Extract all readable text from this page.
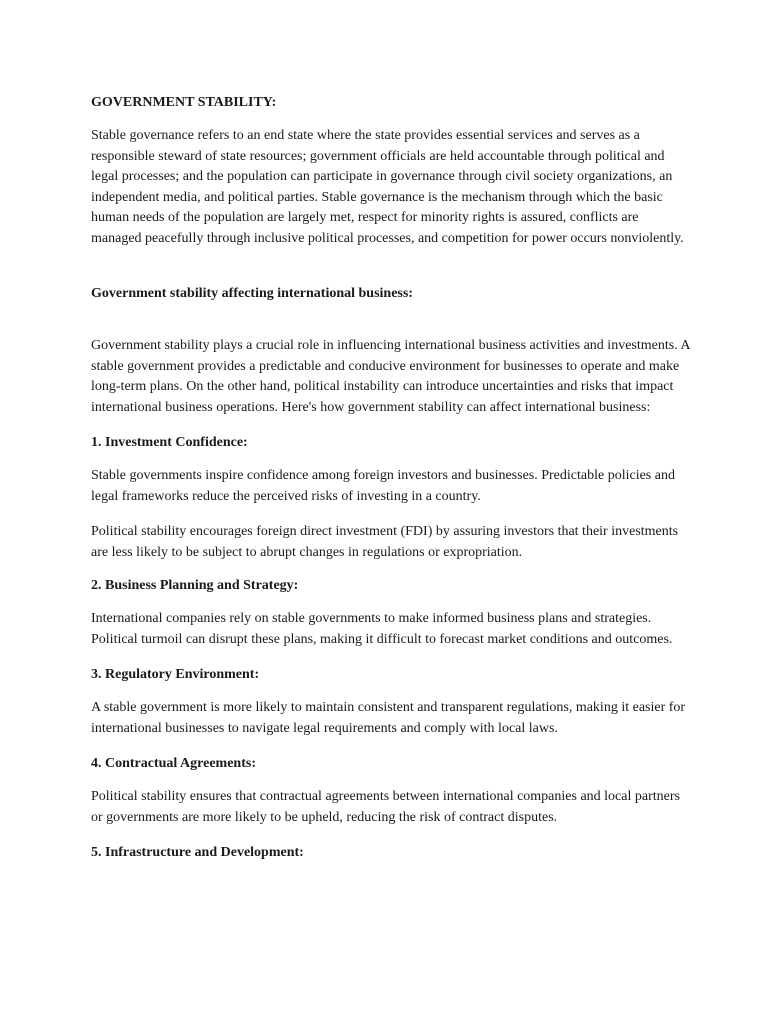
GOVERNMENT STABILITY:

Stable governance refers to an end state where the state provides essential services and serves as a responsible steward of state resources; government officials are held accountable through political and legal processes; and the population can participate in governance through civil society organizations, an independent media, and political parties. Stable governance is the mechanism through which the basic human needs of the population are largely met, respect for minority rights is assured, conflicts are managed peacefully through inclusive political processes, and competition for power occurs nonviolently.

Government stability affecting international business:

Government stability plays a crucial role in influencing international business activities and investments. A stable government provides a predictable and conducive environment for businesses to operate and make long-term plans. On the other hand, political instability can introduce uncertainties and risks that impact international business operations. Here's how government stability can affect international business:

1. Investment Confidence:

Stable governments inspire confidence among foreign investors and businesses. Predictable policies and legal frameworks reduce the perceived risks of investing in a country.

Political stability encourages foreign direct investment (FDI) by assuring investors that their investments are less likely to be subject to abrupt changes in regulations or expropriation.

2. Business Planning and Strategy:

International companies rely on stable governments to make informed business plans and strategies. Political turmoil can disrupt these plans, making it difficult to forecast market conditions and outcomes.

3. Regulatory Environment:

A stable government is more likely to maintain consistent and transparent regulations, making it easier for international businesses to navigate legal requirements and comply with local laws.

4. Contractual Agreements:

Political stability ensures that contractual agreements between international companies and local partners or governments are more likely to be upheld, reducing the risk of contract disputes.

5. Infrastructure and Development:
